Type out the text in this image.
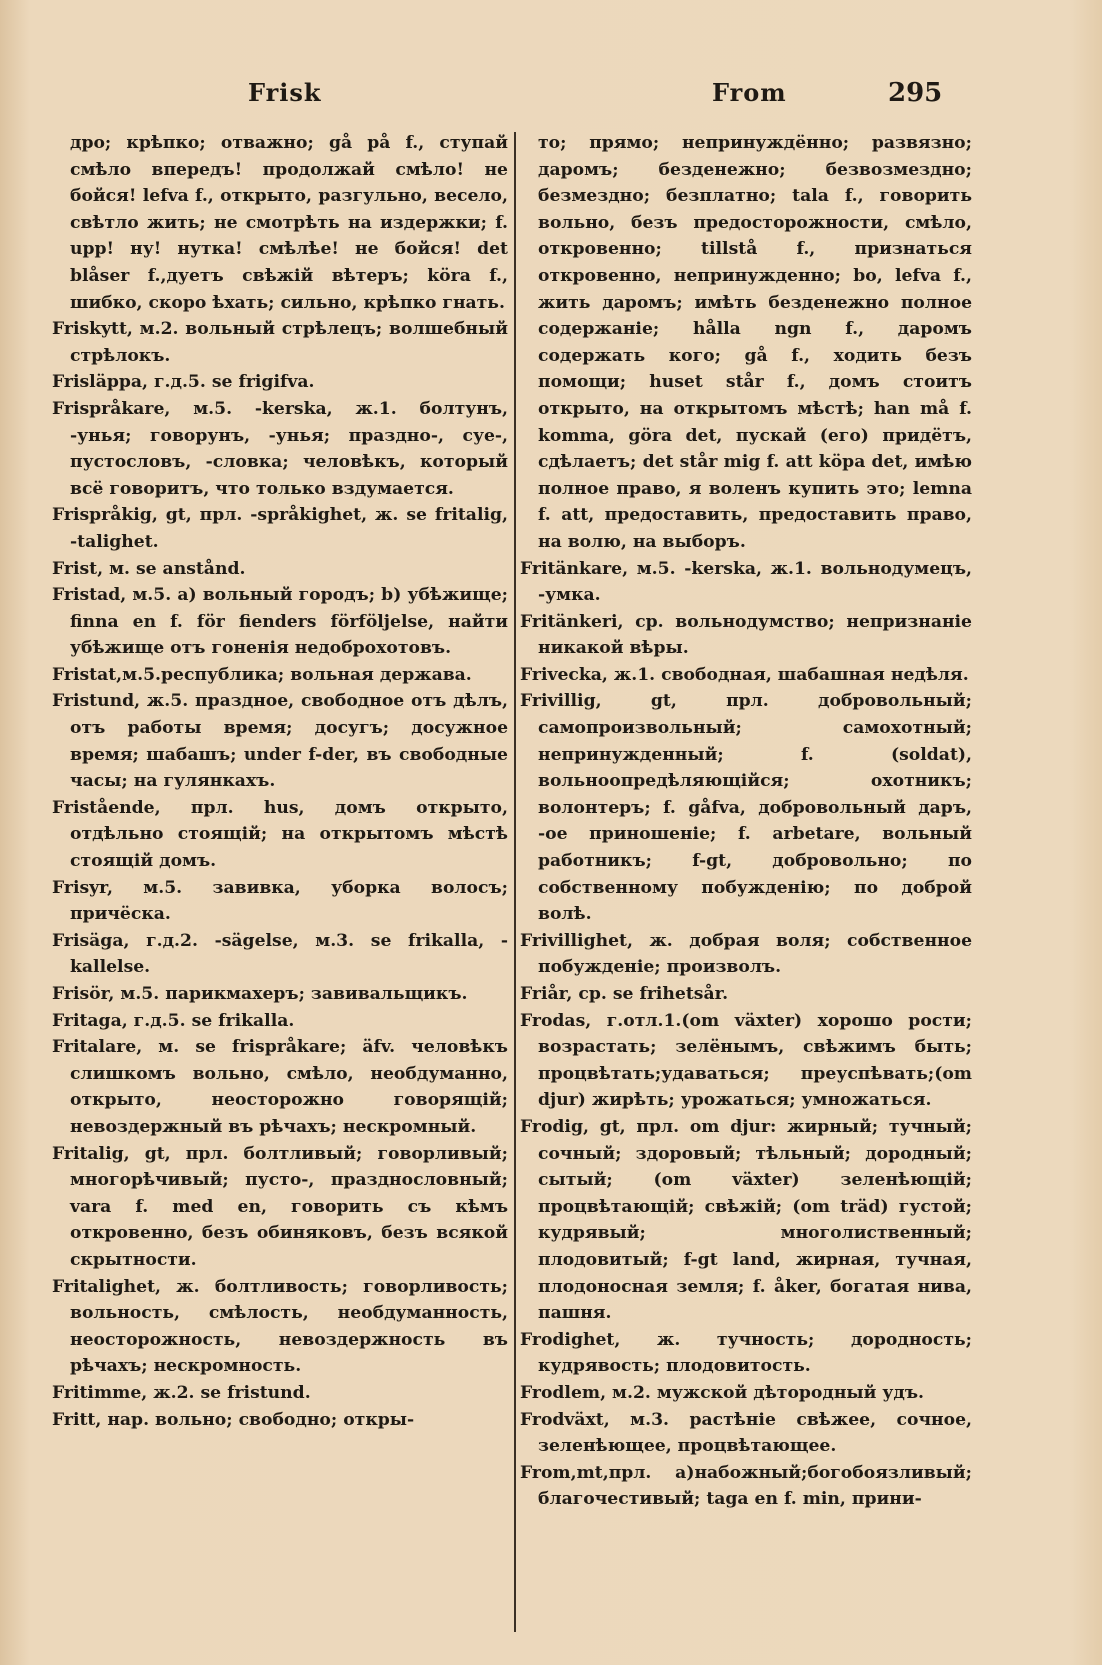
Frisk	From	295

дро; крѣпко; отважно; gå på f., ступай смѣло впередъ! продолжай смѣло! не бойся! lefva f., открыто, разгульно, весело, свѣтло жить; не смотрѣть на издержки; f. upp! ну! нутка! смѣлѣе! не бойся! det blåser f.,дуетъ свѣжій вѣтеръ; köra f., шибко, скоро ѣхать; сильно, крѣпко гнать.

Friskytt, м.2. вольный стрѣлецъ; волшебный стрѣлокъ.

Frisläppa, г.д.5. se frigifva.

Frispråkare, м.5. -kerska, ж.1. болтунъ, -унья; говорунъ, -унья; праздно-, суе-, пустословъ, -словка; человѣкъ, который всё говоритъ, что только вздумается.

Frispråkig, gt, прл. -språkighet, ж. se fritalig, -talighet.

Frist, м. se anstånd.

Fristad, м.5. a) вольный городъ; b) убѣжище; finna en f. för fienders förföljelse, найти убѣжище отъ гоненія недоброхотовъ.

Fristat,м.5.республика; вольная держава.

Fristund, ж.5. праздное, свободное отъ дѣлъ, отъ работы время; досугъ; досужное время; шабашъ; under f-der, въ свободные часы; на гулянкахъ.

Fristående, прл. hus, домъ открыто, отдѣльно стоящій; на открытомъ мѣстѣ стоящій домъ.

Frisyr, м.5. завивка, уборка волосъ; причёска.

Frisäga, г.д.2. -sägelse, м.3. se frikalla, -kallelse.

Frisör, м.5. парикмахеръ; завивальщикъ.

Fritaga, г.д.5. se frikalla.

Fritalare, м. se frispråkare; äfv. человѣкъ слишкомъ вольно, смѣло, необдуманно, открыто, неосторожно говорящій; невоздержный въ рѣчахъ; нескромный.

Fritalig, gt, прл. болтливый; говорливый; многорѣчивый; пусто-, празднословный; vara f. med en, говорить съ кѣмъ откровенно, безъ обиняковъ, безъ всякой скрытности.

Fritalighet, ж. болтливость; говорливость; вольность, смѣлость, необдуманность, неосторожность, невоздержность въ рѣчахъ; нескромность.

Fritimme, ж.2. se fristund.

Fritt, нар. вольно; свободно; откры-

то; прямо; непринуждённо; развязно; даромъ; безденежно; безвозмездно; безмездно; безплатно; tala f., говорить вольно, безъ предосторожности, смѣло, откровенно; tillstå f., признаться откровенно, непринужденно; bo, lefva f., жить даромъ; имѣть безденежно полное содержаніе; hålla ngn f., даромъ содержать кого; gå f., ходить безъ помощи; huset står f., домъ стоитъ открыто, на открытомъ мѣстѣ; han må f. komma, göra det, пускай (его) придётъ, сдѣлаетъ; det står mig f. att köpa det, имѣю полное право, я воленъ купить это; lemna f. att, предоставить, предоставить право, на волю, на выборъ.

Fritänkare, м.5. -kerska, ж.1. вольнодумецъ, -умка.

Fritänkeri, ср. вольнодумство; непризнаніе никакой вѣры.

Frivecka, ж.1. свободная, шабашная недѣля.

Frivillig, gt, прл. добровольный; самопроизвольный; самохотный; непринужденный; f. (soldat), вольноопредѣляющійся; охотникъ; волонтеръ; f. gåfva, добровольный даръ, -ое приношеніе; f. arbetare, вольный работникъ; f-gt, добровольно; по собственному побужденію; по доброй волѣ.

Frivillighet, ж. добрая воля; собственное побужденіе; произволъ.

Friår, ср. se frihetsår.

Frodas, г.отл.1.(om växter) хорошо рости; возрастать; зелёнымъ, свѣжимъ быть; процвѣтать;удаваться; преуспѣвать;(om djur) жирѣть; урожаться; умножаться.

Frodig, gt, прл. om djur: жирный; тучный; сочный; здоровый; тѣльный; дородный; сытый; (om växter) зеленѣющій; процвѣтающій; свѣжій; (om träd) густой; кудрявый; многолиственный; плодовитый; f-gt land, жирная, тучная, плодоносная земля; f. åker, богатая нива, пашня.

Frodighet, ж. тучность; дородность; кудрявость; плодовитость.

Frodlem, м.2. мужской дѣтородный удъ.

Frodväxt, м.3. растѣніе свѣжее, сочное, зеленѣющее, процвѣтающее.

From,mt,прл. a)набожный;богобоязливый; благочестивый; taga en f. min, прини-
